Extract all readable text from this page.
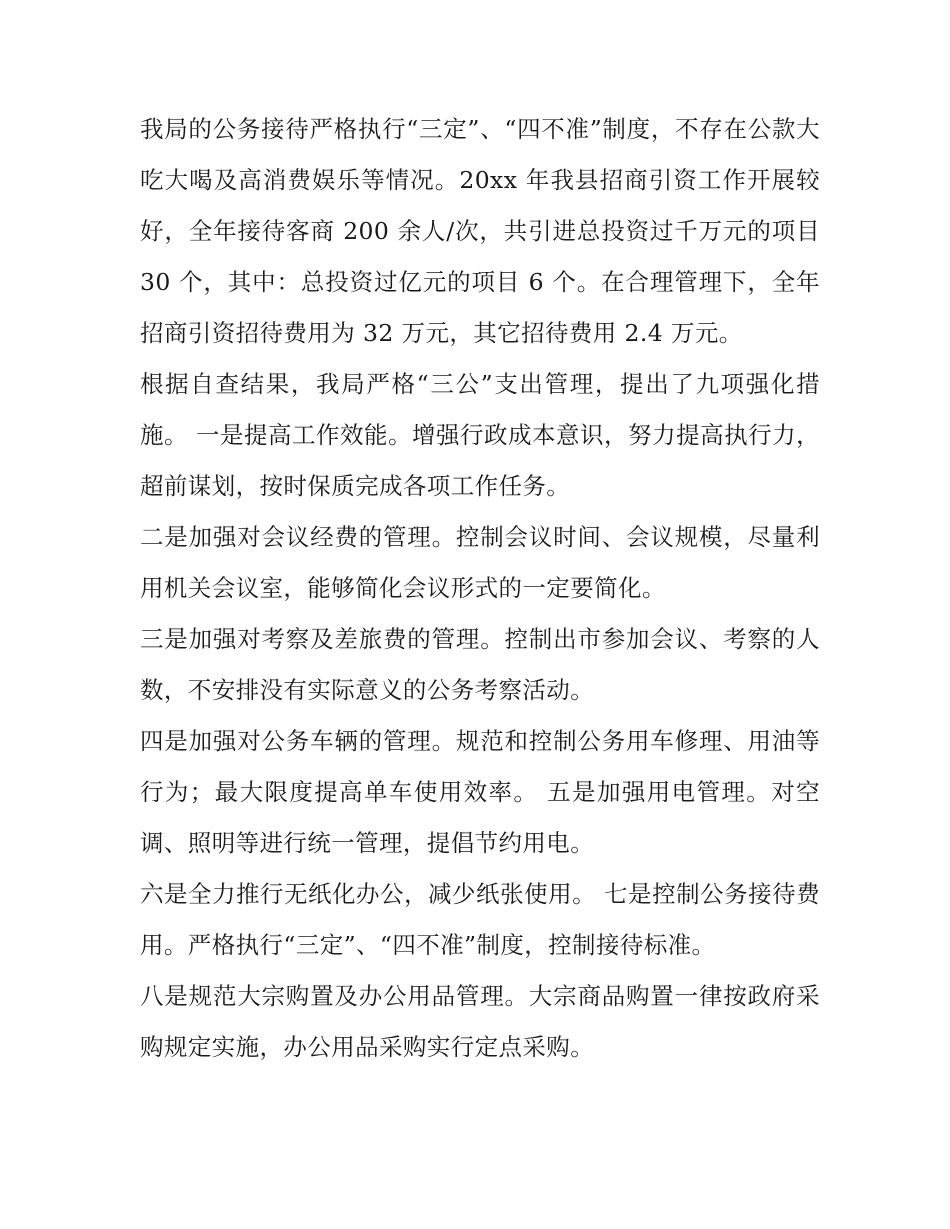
我局的公务接待严格执行“三定”、“四不准”制度，不存在公款大吃大喝及高消费娱乐等情况。20xx 年我县招商引资工作开展较好，全年接待客商 200 余人/次，共引进总投资过千万元的项目 30 个，其中：总投资过亿元的项目 6 个。在合理管理下，全年招商引资招待费用为 32 万元，其它招待费用 2.4 万元。

根据自查结果，我局严格“三公”支出管理，提出了九项强化措施。 一是提高工作效能。增强行政成本意识，努力提高执行力，超前谋划，按时保质完成各项工作任务。

二是加强对会议经费的管理。控制会议时间、会议规模，尽量利用机关会议室，能够简化会议形式的一定要简化。

三是加强对考察及差旅费的管理。控制出市参加会议、考察的人数，不安排没有实际意义的公务考察活动。

四是加强对公务车辆的管理。规范和控制公务用车修理、用油等行为；最大限度提高单车使用效率。 五是加强用电管理。对空调、照明等进行统一管理，提倡节约用电。

六是全力推行无纸化办公，减少纸张使用。 七是控制公务接待费用。严格执行“三定”、“四不准”制度，控制接待标准。

八是规范大宗购置及办公用品管理。大宗商品购置一律按政府采购规定实施，办公用品采购实行定点采购。
